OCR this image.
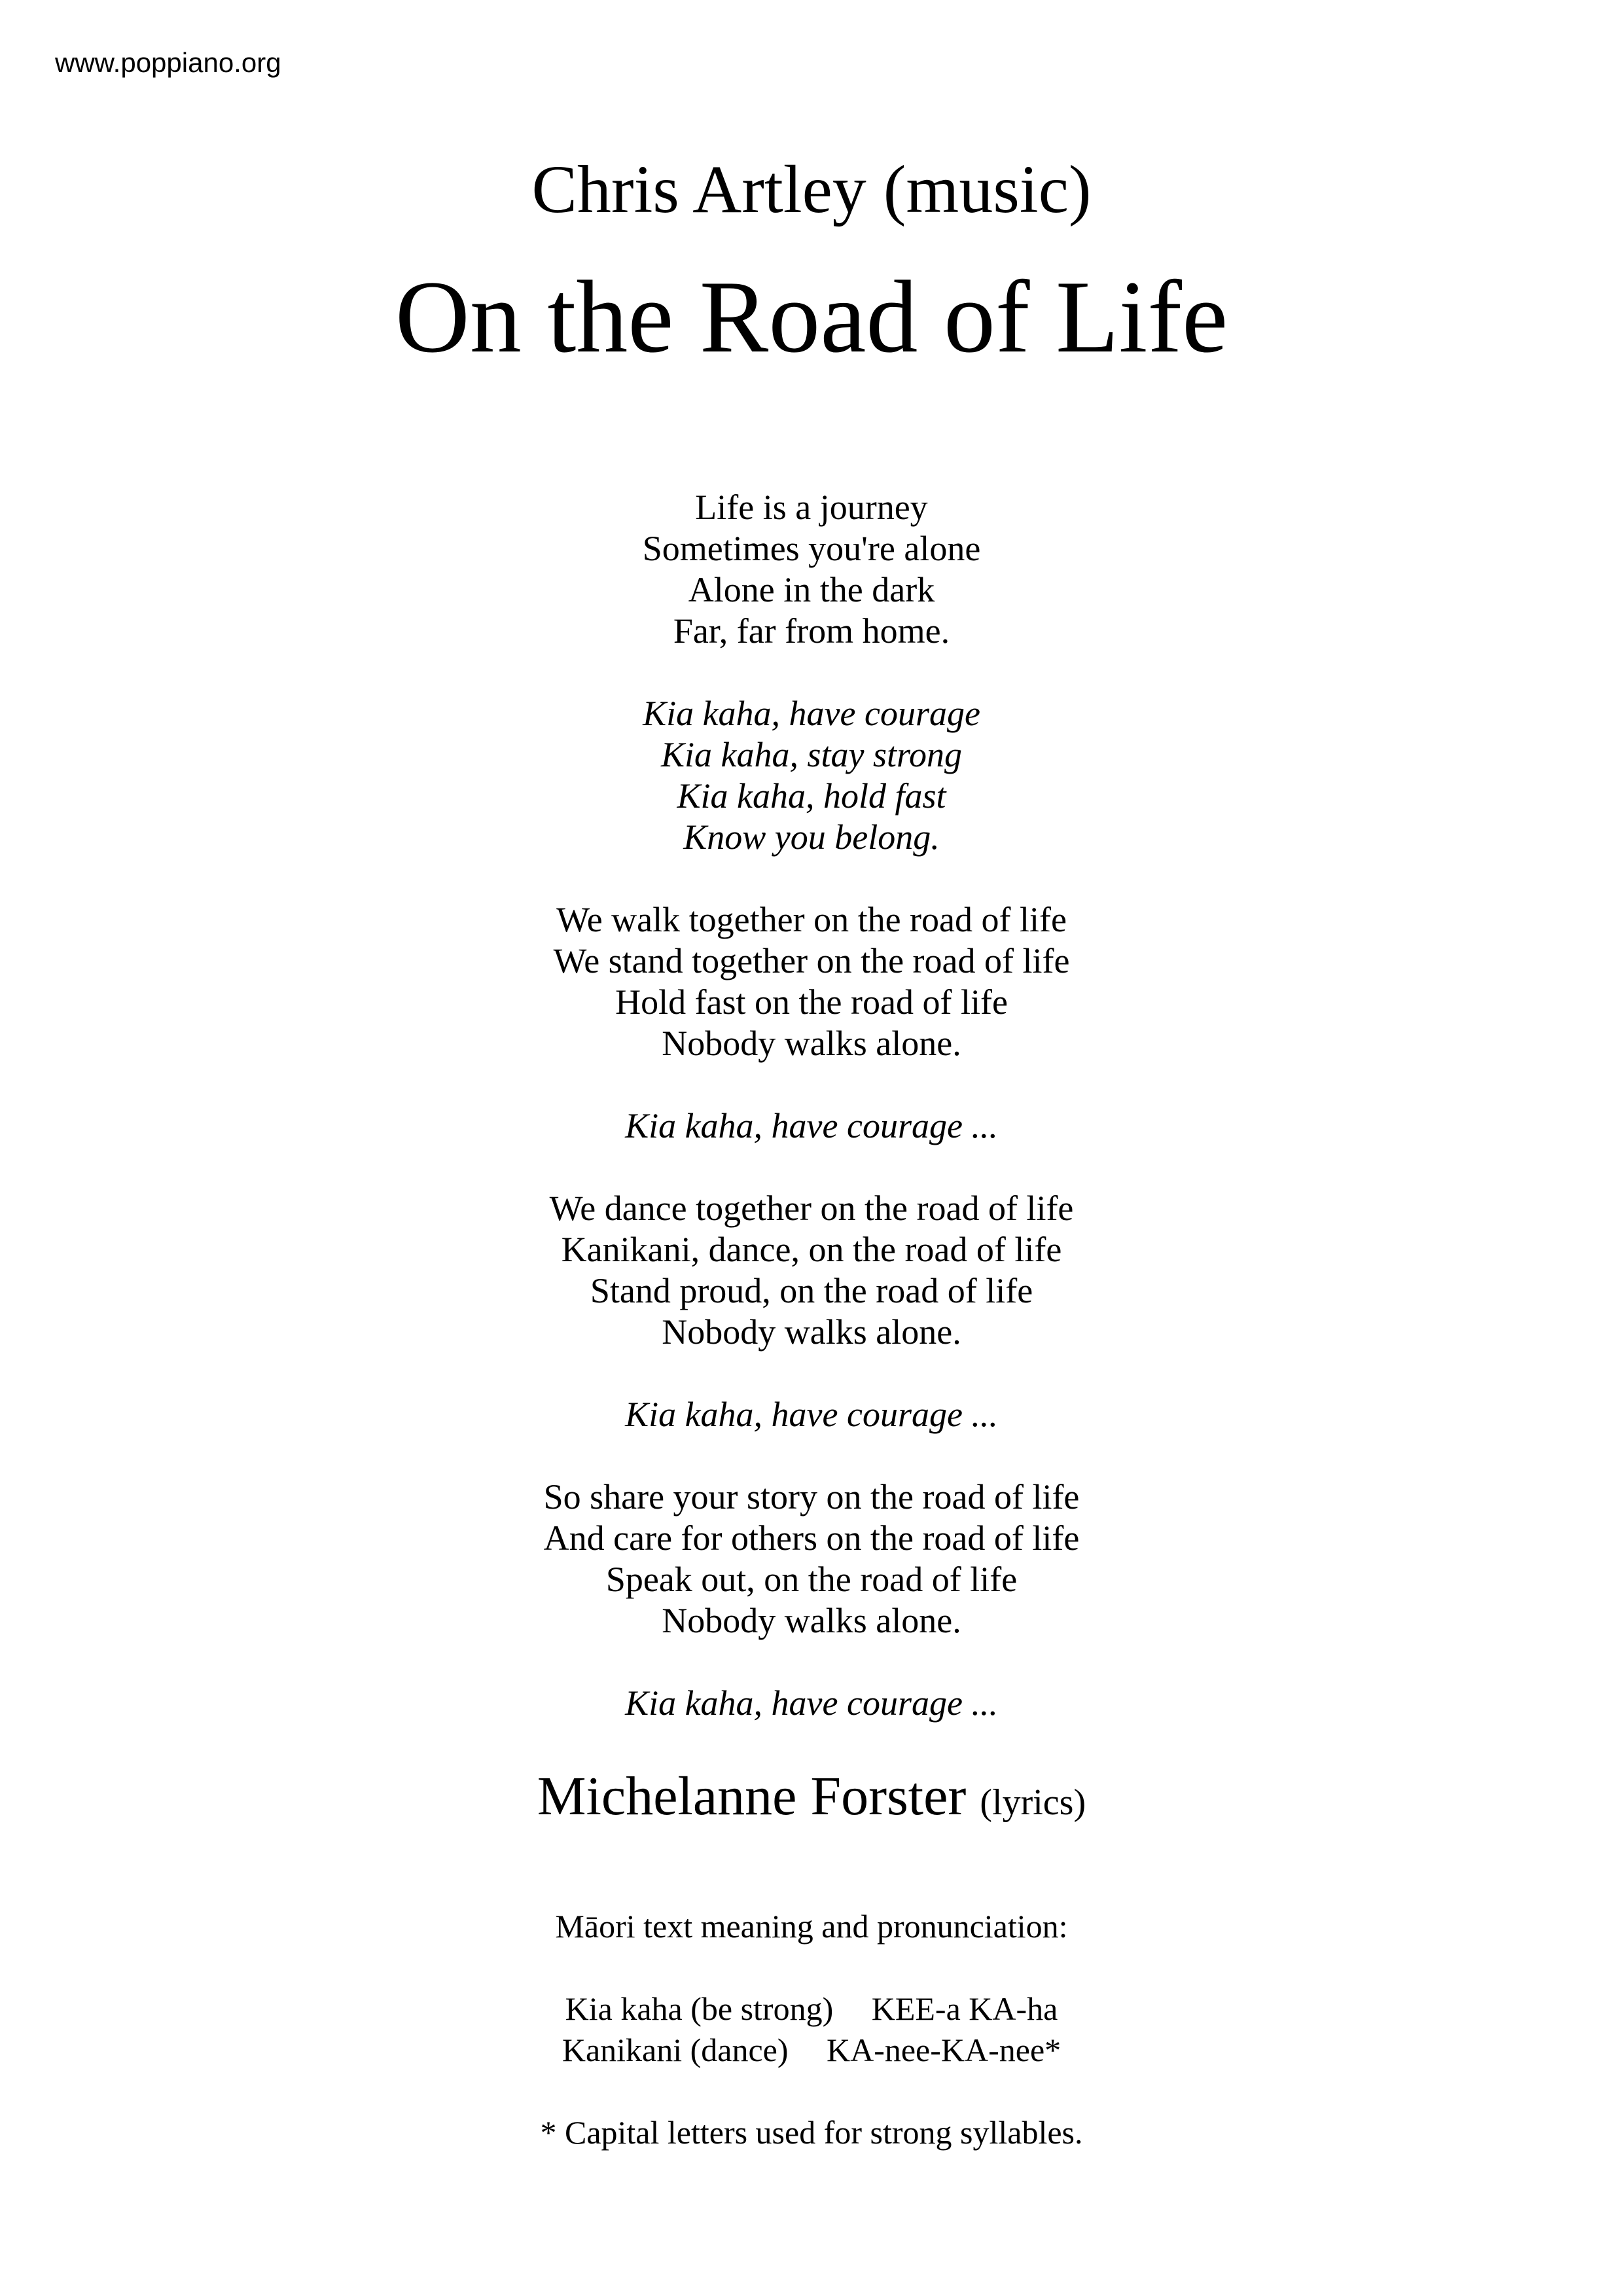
www.poppiano.org
Chris Artley (music)
On the Road of Life

Life is a journey
Sometimes you're alone
Alone in the dark
Far, far from home.

Kia kaha, have courage
Kia kaha, stay strong
Kia kaha, hold fast
Know you belong.

We walk together on the road of life
We stand together on the road of life
Hold fast on the road of life
Nobody walks alone.

Kia kaha, have courage ...

We dance together on the road of life
Kanikani, dance, on the road of life
Stand proud, on the road of life
Nobody walks alone.

Kia kaha, have courage ...

So share your story on the road of life
And care for others on the road of life
Speak out, on the road of life
Nobody walks alone.

Kia kaha, have courage ...

Michelanne Forster (lyrics)

Māori text meaning and pronunciation:

Kia kaha (be strong) KEE-a KA-ha
Kanikani (dance) KA-nee-KA-nee*

* Capital letters used for strong syllables.
